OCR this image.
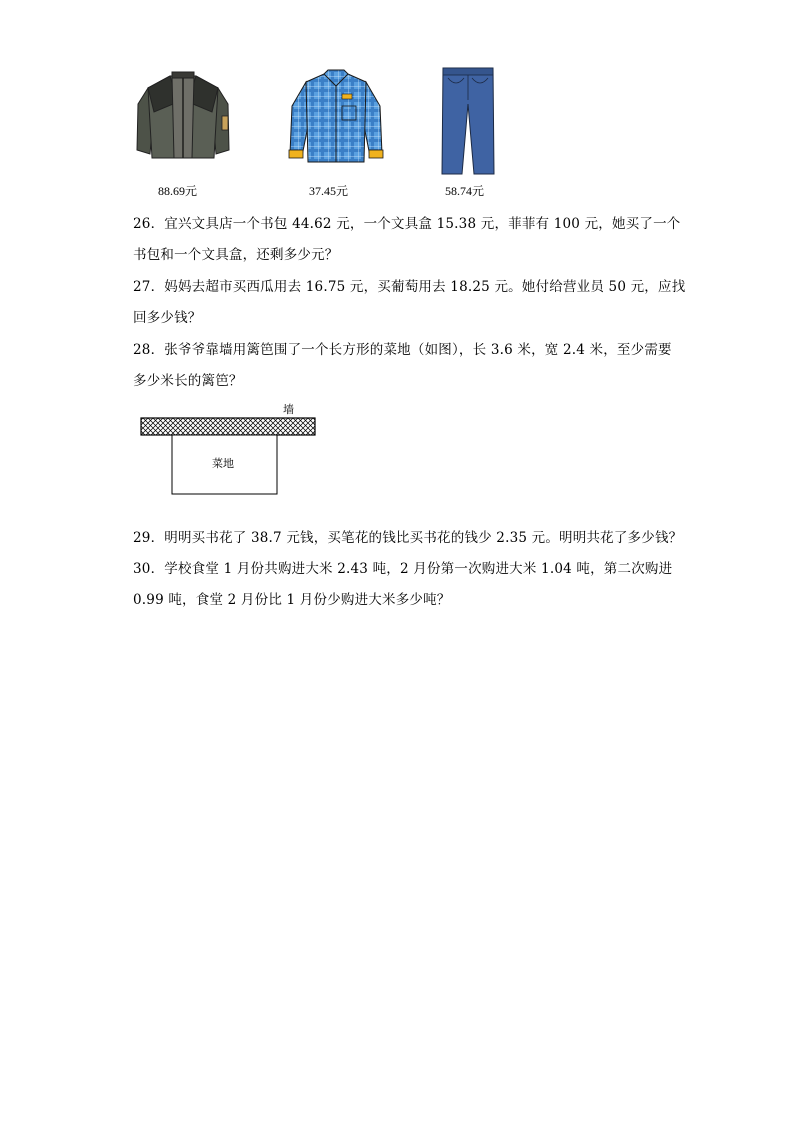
88.69元	37.45元	58.74元
26．宜兴文具店一个书包 44.62 元，一个文具盒 15.38 元，菲菲有 100 元，她买了一个
书包和一个文具盒，还剩多少元？
27．妈妈去超市买西瓜用去 16.75 元，买葡萄用去 18.25 元。她付给营业员 50 元，应找
回多少钱？
28．张爷爷靠墙用篱笆围了一个长方形的菜地（如图），长 3.6 米，宽 2.4 米，至少需要
多少米长的篱笆？
墙
菜地
29．明明买书花了 38.7 元钱，买笔花的钱比买书花的钱少 2.35 元。明明共花了多少钱？
30．学校食堂 1 月份共购进大米 2.43 吨，2 月份第一次购进大米 1.04 吨，第二次购进
0.99 吨，食堂 2 月份比 1 月份少购进大米多少吨？
